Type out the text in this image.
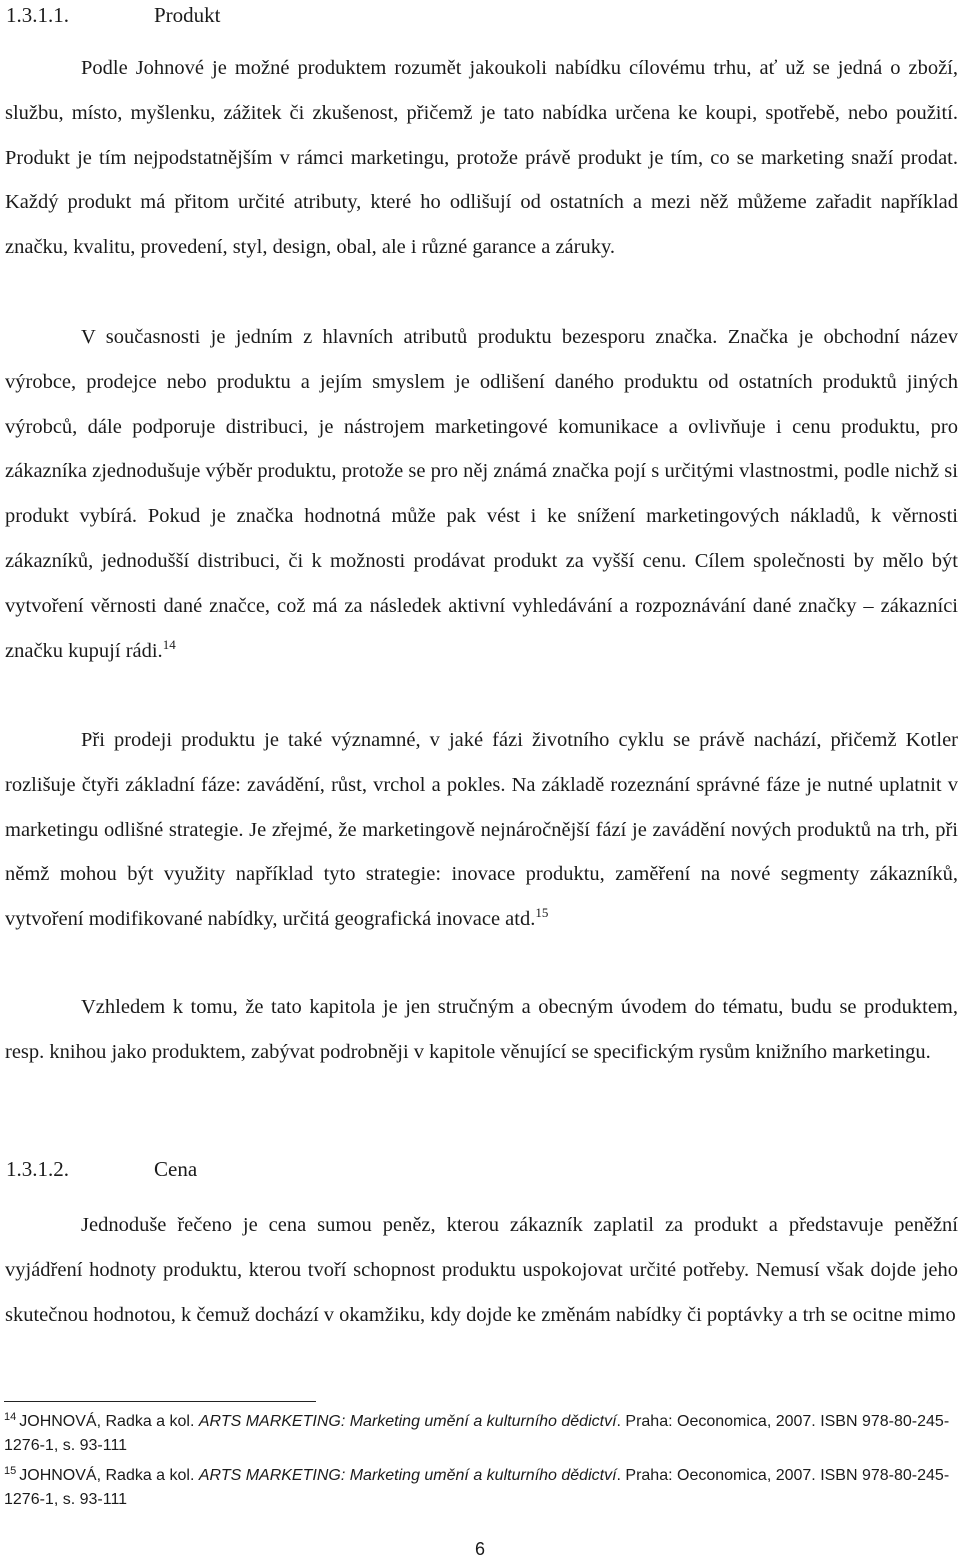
1.3.1.1.	Produkt

Podle Johnové je možné produktem rozumět jakoukoli nabídku cílovému trhu, ať už se jedná o zboží, službu, místo, myšlenku, zážitek či zkušenost, přičemž je tato nabídka určena ke koupi, spotřebě, nebo použití. Produkt je tím nejpodstatnějším v rámci marketingu, protože právě produkt je tím, co se marketing snaží prodat. Každý produkt má přitom určité atributy, které ho odlišují od ostatních a mezi něž můžeme zařadit například značku, kvalitu, provedení, styl, design, obal, ale i různé garance a záruky.

V současnosti je jedním z hlavních atributů produktu bezesporu značka. Značka je obchodní název výrobce, prodejce nebo produktu a jejím smyslem je odlišení daného produktu od ostatních produktů jiných výrobců, dále podporuje distribuci, je nástrojem marketingové komunikace a ovlivňuje i cenu produktu, pro zákazníka zjednodušuje výběr produktu, protože se pro něj známá značka pojí s určitými vlastnostmi, podle nichž si produkt vybírá. Pokud je značka hodnotná může pak vést i ke snížení marketingových nákladů, k věrnosti zákazníků, jednodušší distribuci, či k možnosti prodávat produkt za vyšší cenu. Cílem společnosti by mělo být vytvoření věrnosti dané značce, což má za následek aktivní vyhledávání a rozpoznávání dané značky – zákazníci značku kupují rádi.$^{14}$

Při prodeji produktu je také významné, v jaké fázi životního cyklu se právě nachází, přičemž Kotler rozlišuje čtyři základní fáze: zavádění, růst, vrchol a pokles. Na základě rozeznání správné fáze je nutné uplatnit v marketingu odlišné strategie. Je zřejmé, že marketingově nejnáročnější fází je zavádění nových produktů na trh, při němž mohou být využity například tyto strategie: inovace produktu, zaměření na nové segmenty zákazníků, vytvoření modifikované nabídky, určitá geografická inovace atd.$^{15}$

Vzhledem k tomu, že tato kapitola je jen stručným a obecným úvodem do tématu, budu se produktem, resp. knihou jako produktem, zabývat podrobněji v kapitole věnující se specifickým rysům knižního marketingu.

1.3.1.2.	Cena

Jednoduše řečeno je cena sumou peněz, kterou zákazník zaplatil za produkt a představuje peněžní vyjádření hodnoty produktu, kterou tvoří schopnost produktu uspokojovat určité potřeby. Nemusí však dojde jeho skutečnou hodnotou, k čemuž dochází v okamžiku, kdy dojde ke změnám nabídky či poptávky a trh se ocitne mimo

$^{14}$ JOHNOVÁ, Radka a kol. ARTS MARKETING: Marketing umění a kulturního dědictví. Praha: Oeconomica, 2007. ISBN 978-80-245-1276-1, s. 93-111

$^{15}$ JOHNOVÁ, Radka a kol. ARTS MARKETING: Marketing umění a kulturního dědictví. Praha: Oeconomica, 2007. ISBN 978-80-245-1276-1, s. 93-111

6
